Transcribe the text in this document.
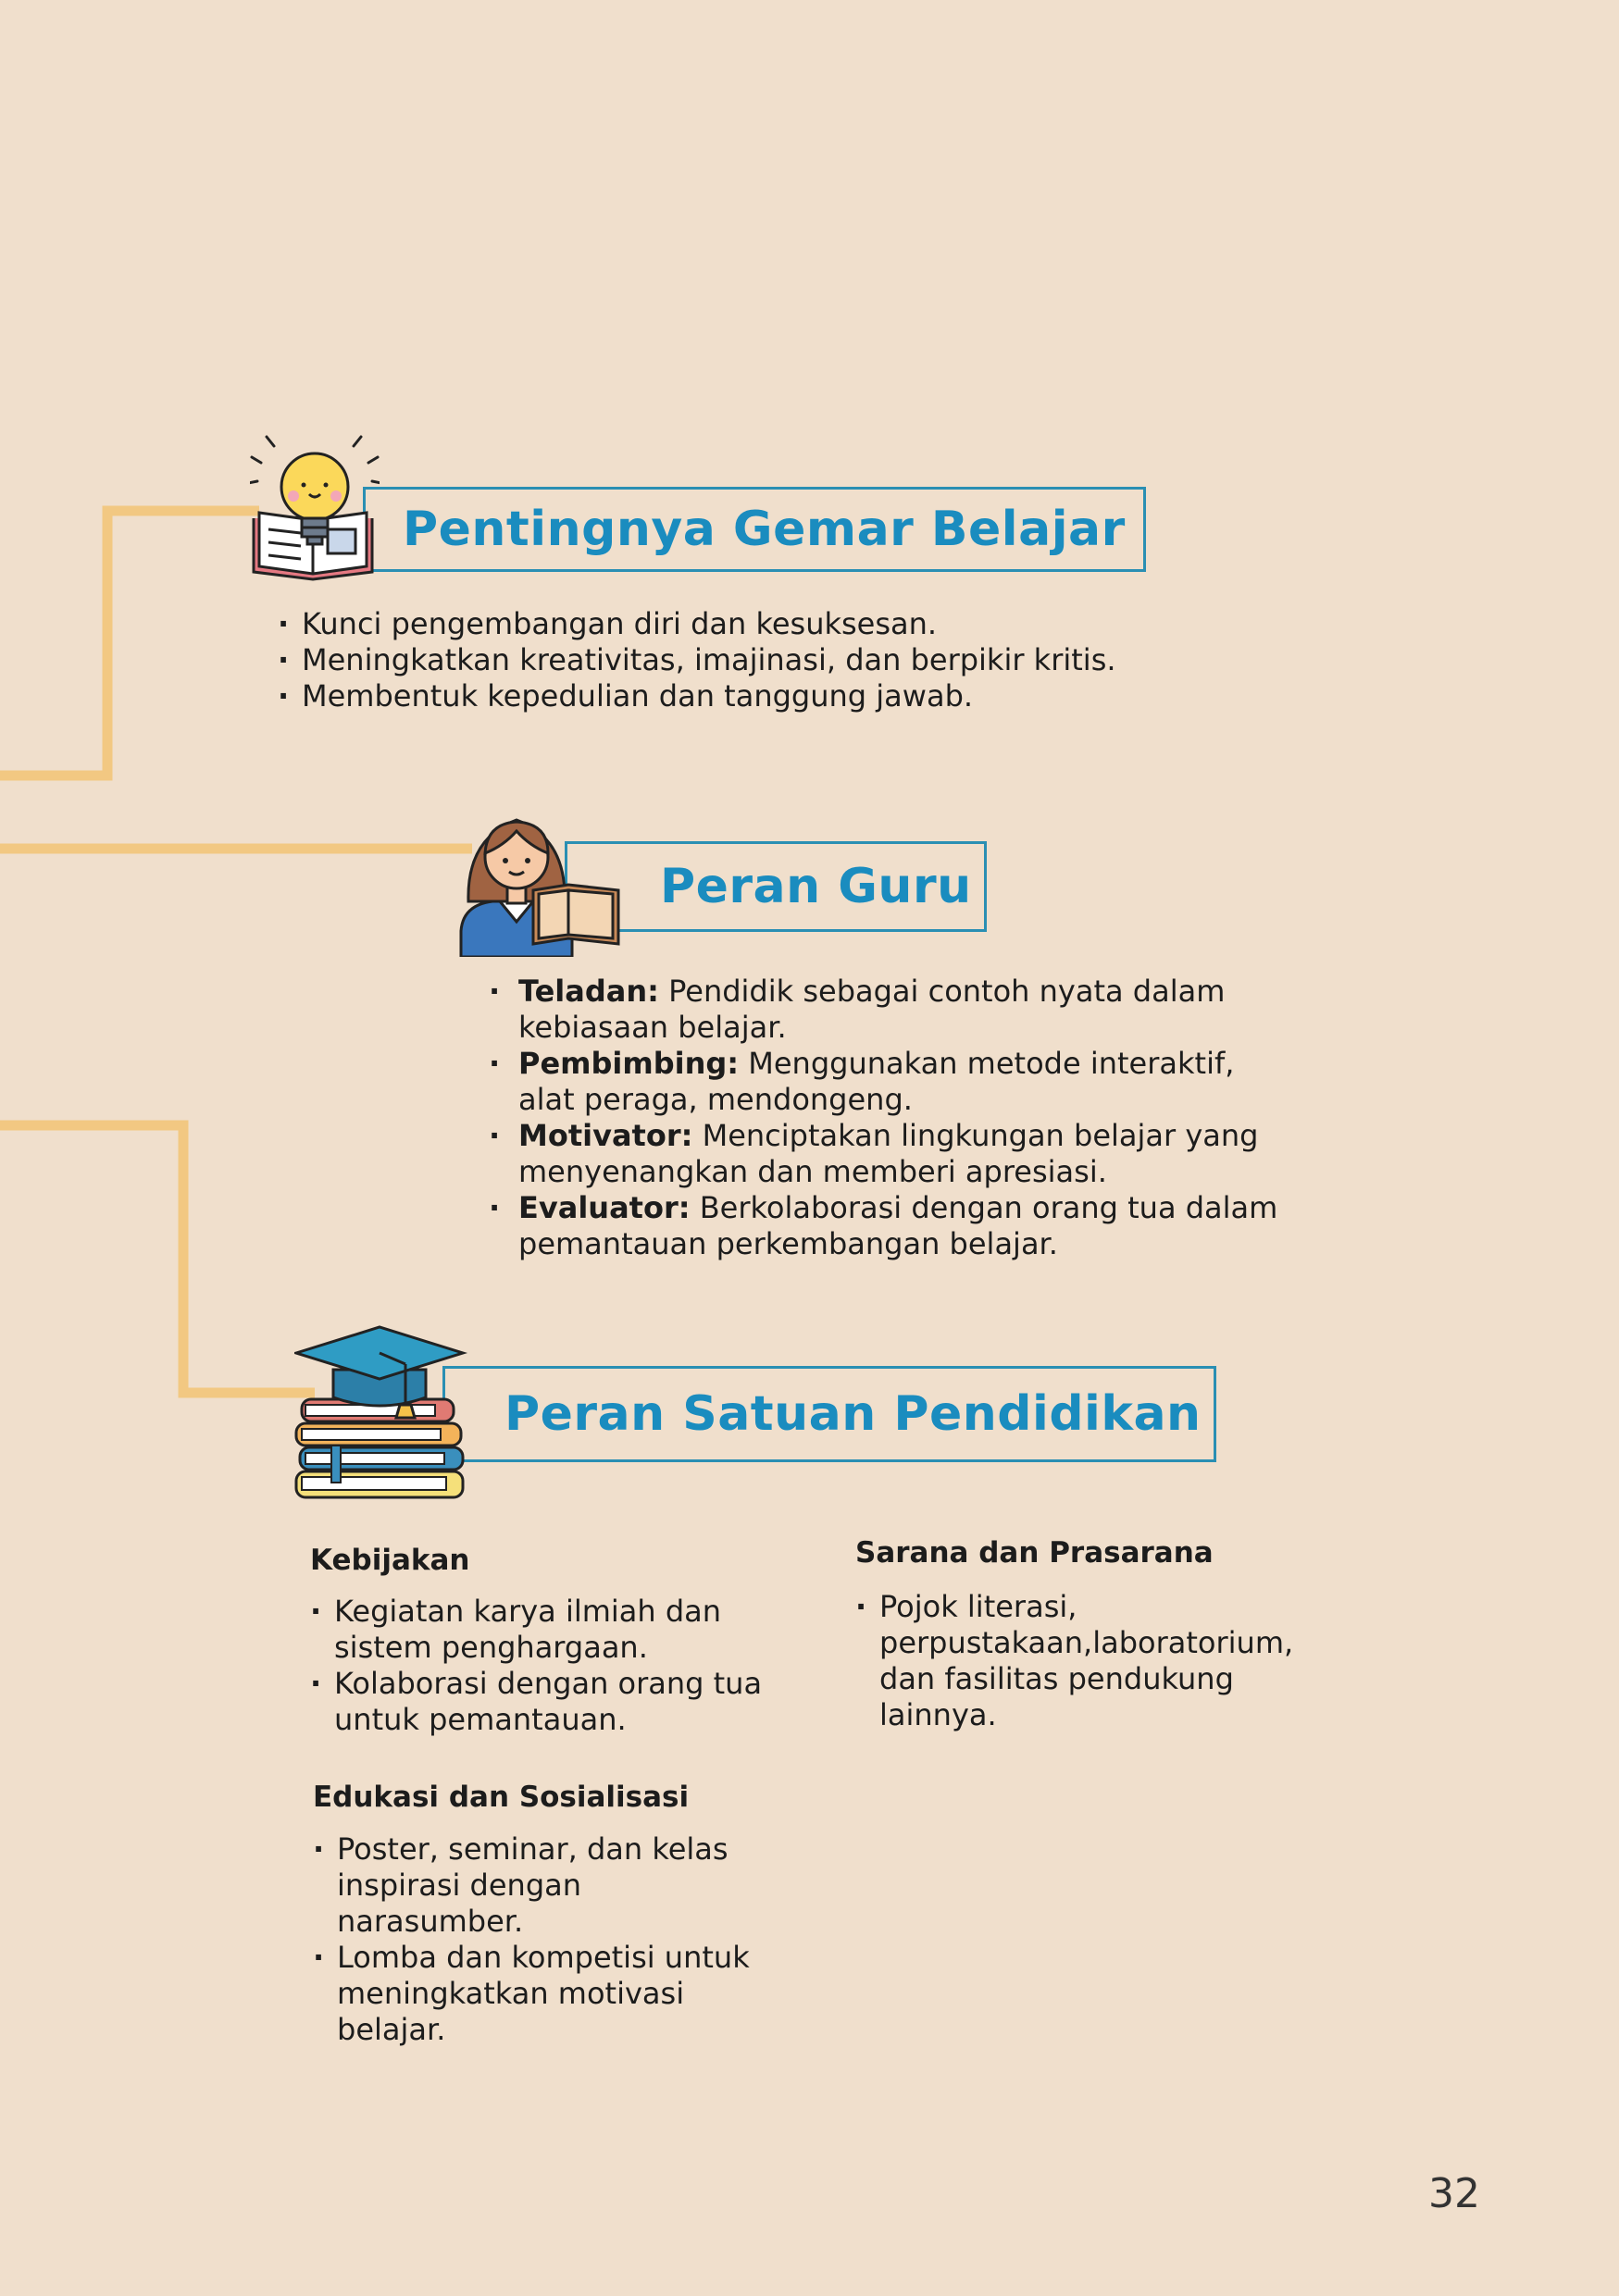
Pentingnya Gemar Belajar
· Kunci pengembangan diri dan kesuksesan.
· Meningkatkan kreativitas, imajinasi, dan berpikir kritis.
· Membentuk kepedulian dan tanggung jawab.
Peran Guru
· Teladan: Pendidik sebagai contoh nyata dalam kebiasaan belajar.
· Pembimbing: Menggunakan metode interaktif, alat peraga, mendongeng.
· Motivator: Menciptakan lingkungan belajar yang menyenangkan dan memberi apresiasi.
· Evaluator: Berkolaborasi dengan orang tua dalam pemantauan perkembangan belajar.
Peran Satuan Pendidikan
Kebijakan
· Kegiatan karya ilmiah dan sistem penghargaan.
· Kolaborasi dengan orang tua untuk pemantauan.
Edukasi dan Sosialisasi
· Poster, seminar, dan kelas inspirasi dengan narasumber.
· Lomba dan kompetisi untuk meningkatkan motivasi belajar.
Sarana dan Prasarana
· Pojok literasi, perpustakaan,laboratorium, dan fasilitas pendukung lainnya.
32
